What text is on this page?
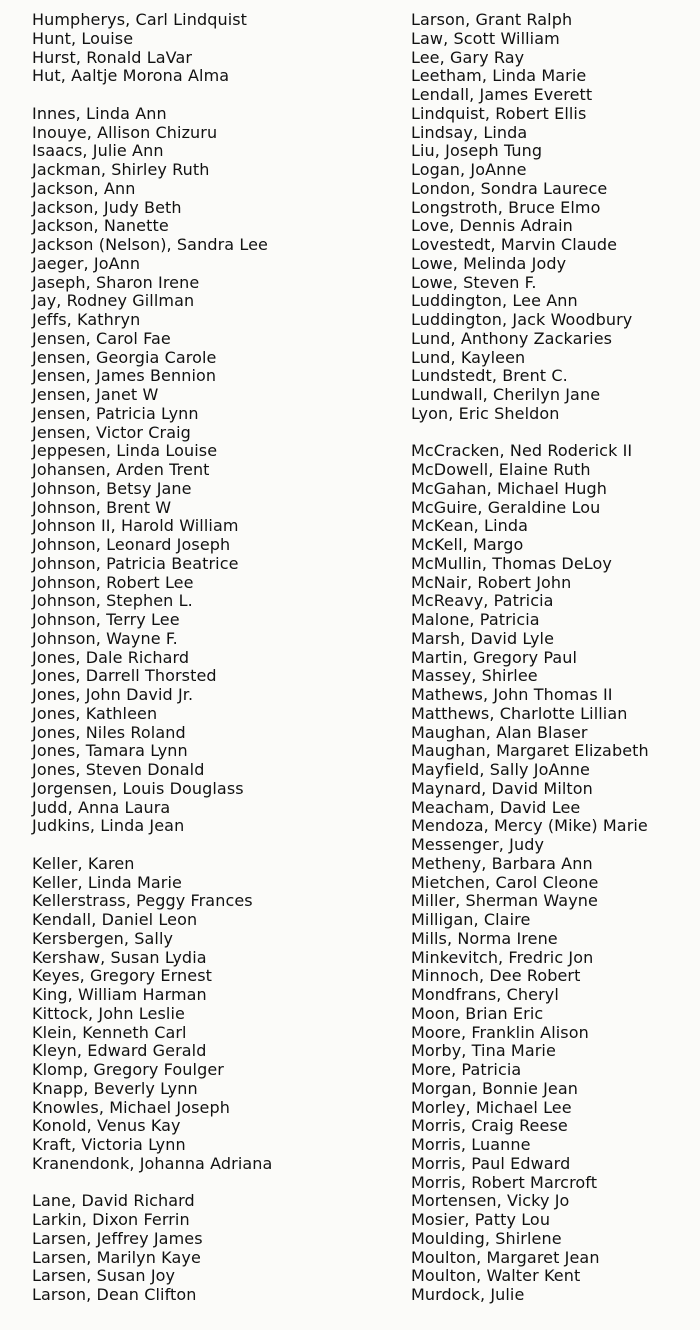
Humpherys, Carl Lindquist
Hunt, Louise
Hurst, Ronald LaVar
Hut, Aaltje Morona Alma
Innes, Linda Ann
Inouye, Allison Chizuru
Isaacs, Julie Ann
Jackman, Shirley Ruth
Jackson, Ann
Jackson, Judy Beth
Jackson, Nanette
Jackson (Nelson), Sandra Lee
Jaeger, JoAnn
Jaseph, Sharon Irene
Jay, Rodney Gillman
Jeffs, Kathryn
Jensen, Carol Fae
Jensen, Georgia Carole
Jensen, James Bennion
Jensen, Janet W
Jensen, Patricia Lynn
Jensen, Victor Craig
Jeppesen, Linda Louise
Johansen, Arden Trent
Johnson, Betsy Jane
Johnson, Brent W
Johnson II, Harold William
Johnson, Leonard Joseph
Johnson, Patricia Beatrice
Johnson, Robert Lee
Johnson, Stephen L.
Johnson, Terry Lee
Johnson, Wayne F.
Jones, Dale Richard
Jones, Darrell Thorsted
Jones, John David Jr.
Jones, Kathleen
Jones, Niles Roland
Jones, Tamara Lynn
Jones, Steven Donald
Jorgensen, Louis Douglass
Judd, Anna Laura
Judkins, Linda Jean
Keller, Karen
Keller, Linda Marie
Kellerstrass, Peggy Frances
Kendall, Daniel Leon
Kersbergen, Sally
Kershaw, Susan Lydia
Keyes, Gregory Ernest
King, William Harman
Kittock, John Leslie
Klein, Kenneth Carl
Kleyn, Edward Gerald
Klomp, Gregory Foulger
Knapp, Beverly Lynn
Knowles, Michael Joseph
Konold, Venus Kay
Kraft, Victoria Lynn
Kranendonk, Johanna Adriana
Lane, David Richard
Larkin, Dixon Ferrin
Larsen, Jeffrey James
Larsen, Marilyn Kaye
Larsen, Susan Joy
Larson, Dean Clifton
Larson, Grant Ralph
Law, Scott William
Lee, Gary Ray
Leetham, Linda Marie
Lendall, James Everett
Lindquist, Robert Ellis
Lindsay, Linda
Liu, Joseph Tung
Logan, JoAnne
London, Sondra Laurece
Longstroth, Bruce Elmo
Love, Dennis Adrain
Lovestedt, Marvin Claude
Lowe, Melinda Jody
Lowe, Steven F.
Luddington, Lee Ann
Luddington, Jack Woodbury
Lund, Anthony Zackaries
Lund, Kayleen
Lundstedt, Brent C.
Lundwall, Cherilyn Jane
Lyon, Eric Sheldon
McCracken, Ned Roderick II
McDowell, Elaine Ruth
McGahan, Michael Hugh
McGuire, Geraldine Lou
McKean, Linda
McKell, Margo
McMullin, Thomas DeLoy
McNair, Robert John
McReavy, Patricia
Malone, Patricia
Marsh, David Lyle
Martin, Gregory Paul
Massey, Shirlee
Mathews, John Thomas II
Matthews, Charlotte Lillian
Maughan, Alan Blaser
Maughan, Margaret Elizabeth
Mayfield, Sally JoAnne
Maynard, David Milton
Meacham, David Lee
Mendoza, Mercy (Mike) Marie
Messenger, Judy
Metheny, Barbara Ann
Mietchen, Carol Cleone
Miller, Sherman Wayne
Milligan, Claire
Mills, Norma Irene
Minkevitch, Fredric Jon
Minnoch, Dee Robert
Mondfrans, Cheryl
Moon, Brian Eric
Moore, Franklin Alison
Morby, Tina Marie
More, Patricia
Morgan, Bonnie Jean
Morley, Michael Lee
Morris, Craig Reese
Morris, Luanne
Morris, Paul Edward
Morris, Robert Marcroft
Mortensen, Vicky Jo
Mosier, Patty Lou
Moulding, Shirlene
Moulton, Margaret Jean
Moulton, Walter Kent
Murdock, Julie
